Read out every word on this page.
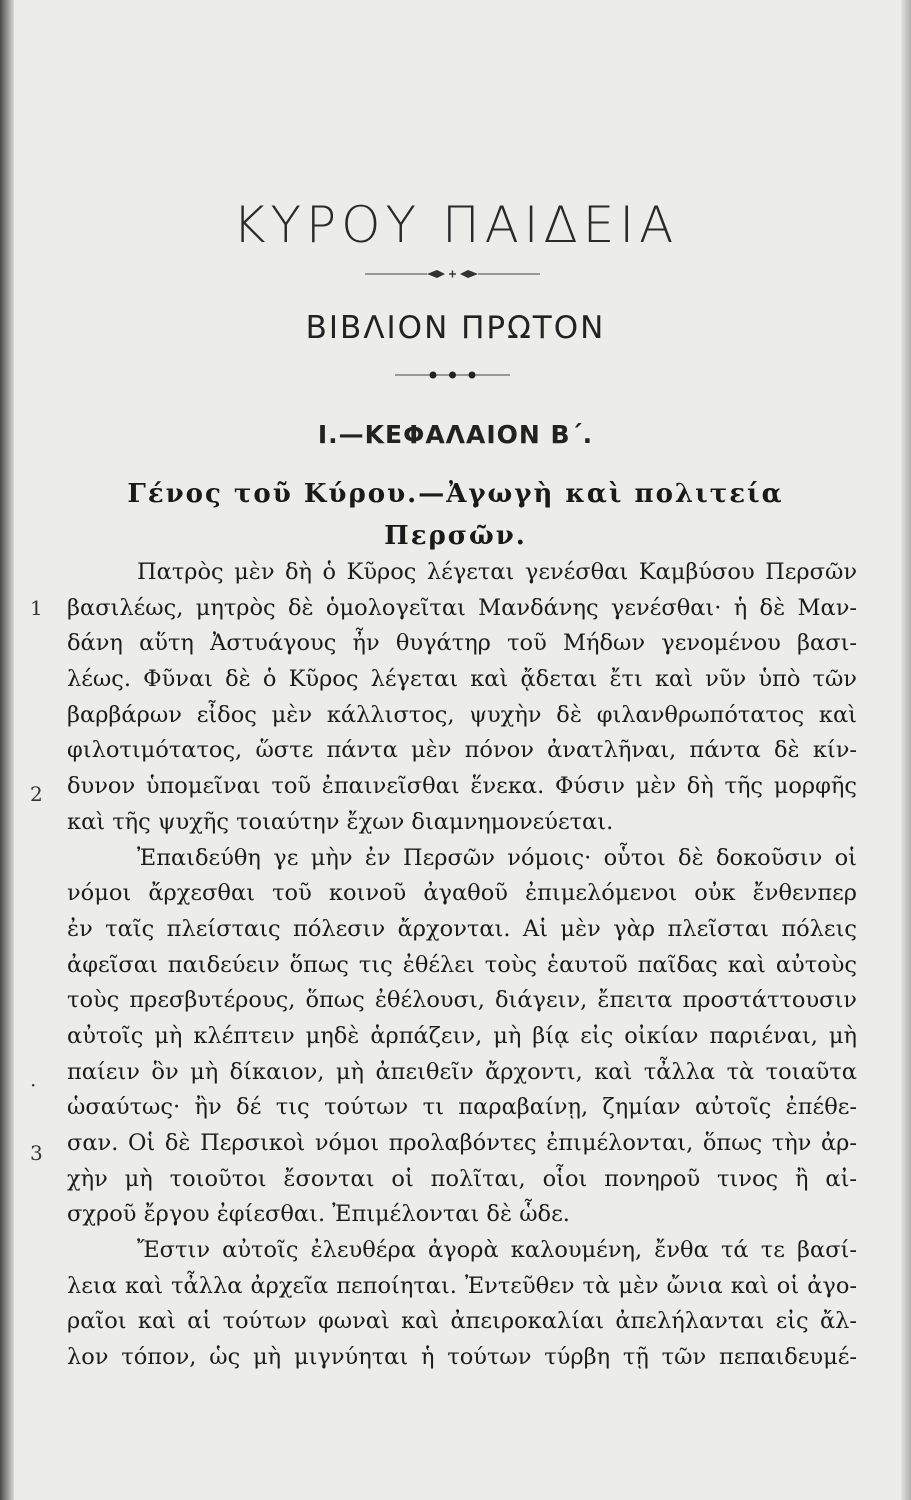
ΚΥΡΟΥ ΠΑΙΔΕΙΑ
ΒΙΒΛΙΟΝ ΠΡΩΤΟΝ
Ι.—ΚΕΦΑΛΑΙΟΝ Β΄.
Γένος τοῦ Κύρου.—Ἀγωγὴ καὶ πολιτεία
Περσῶν.
1
2
·
3
Πατρὸς μὲν δὴ ὁ Κῦρος λέγεται γενέσθαι Καμβύσου Περσῶν
βασιλέως, μητρὸς δὲ ὁμολογεῖται Μανδάνης γενέσθαι· ἡ δὲ Μαν-
δάνη αὕτη Ἀστυάγους ἦν θυγάτηρ τοῦ Μήδων γενομένου βασι-
λέως. Φῦναι δὲ ὁ Κῦρος λέγεται καὶ ᾄδεται ἔτι καὶ νῦν ὑπὸ τῶν
βαρβάρων εἶδος μὲν κάλλιστος, ψυχὴν δὲ φιλανθρωπότατος καὶ
φιλοτιμότατος, ὥστε πάντα μὲν πόνον ἀνατλῆναι, πάντα δὲ κίν-
δυνον ὑπομεῖναι τοῦ ἐπαινεῖσθαι ἕνεκα. Φύσιν μὲν δὴ τῆς μορφῆς
καὶ τῆς ψυχῆς τοιαύτην ἔχων διαμνημονεύεται.
Ἐπαιδεύθη γε μὴν ἐν Περσῶν νόμοις· οὗτοι δὲ δοκοῦσιν οἱ
νόμοι ἄρχεσθαι τοῦ κοινοῦ ἀγαθοῦ ἐπιμελόμενοι οὐκ ἔνθενπερ
ἐν ταῖς πλείσταις πόλεσιν ἄρχονται. Αἱ μὲν γὰρ πλεῖσται πόλεις
ἀφεῖσαι παιδεύειν ὅπως τις ἐθέλει τοὺς ἑαυτοῦ παῖδας καὶ αὐτοὺς
τοὺς πρεσβυτέρους, ὅπως ἐθέλουσι, διάγειν, ἔπειτα προστάττουσιν
αὐτοῖς μὴ κλέπτειν μηδὲ ἁρπάζειν, μὴ βίᾳ εἰς οἰκίαν παριέναι, μὴ
παίειν ὃν μὴ δίκαιον, μὴ ἀπειθεῖν ἄρχοντι, καὶ τἆλλα τὰ τοιαῦτα
ὡσαύτως· ἢν δέ τις τούτων τι παραβαίνῃ, ζημίαν αὐτοῖς ἐπέθε-
σαν. Οἱ δὲ Περσικοὶ νόμοι προλαβόντες ἐπιμέλονται, ὅπως τὴν ἀρ-
χὴν μὴ τοιοῦτοι ἔσονται οἱ πολῖται, οἷοι πονηροῦ τινος ἢ αἰ-
σχροῦ ἔργου ἐφίεσθαι. Ἐπιμέλονται δὲ ὧδε.
Ἔστιν αὐτοῖς ἐλευθέρα ἀγορὰ καλουμένη, ἔνθα τά τε βασί-
λεια καὶ τἆλλα ἀρχεῖα πεποίηται. Ἐντεῦθεν τὰ μὲν ὤνια καὶ οἱ ἀγο-
ραῖοι καὶ αἱ τούτων φωναὶ καὶ ἀπειροκαλίαι ἀπελήλανται εἰς ἄλ-
λον τόπον, ὡς μὴ μιγνύηται ἡ τούτων τύρβη τῇ τῶν πεπαιδευμέ-
